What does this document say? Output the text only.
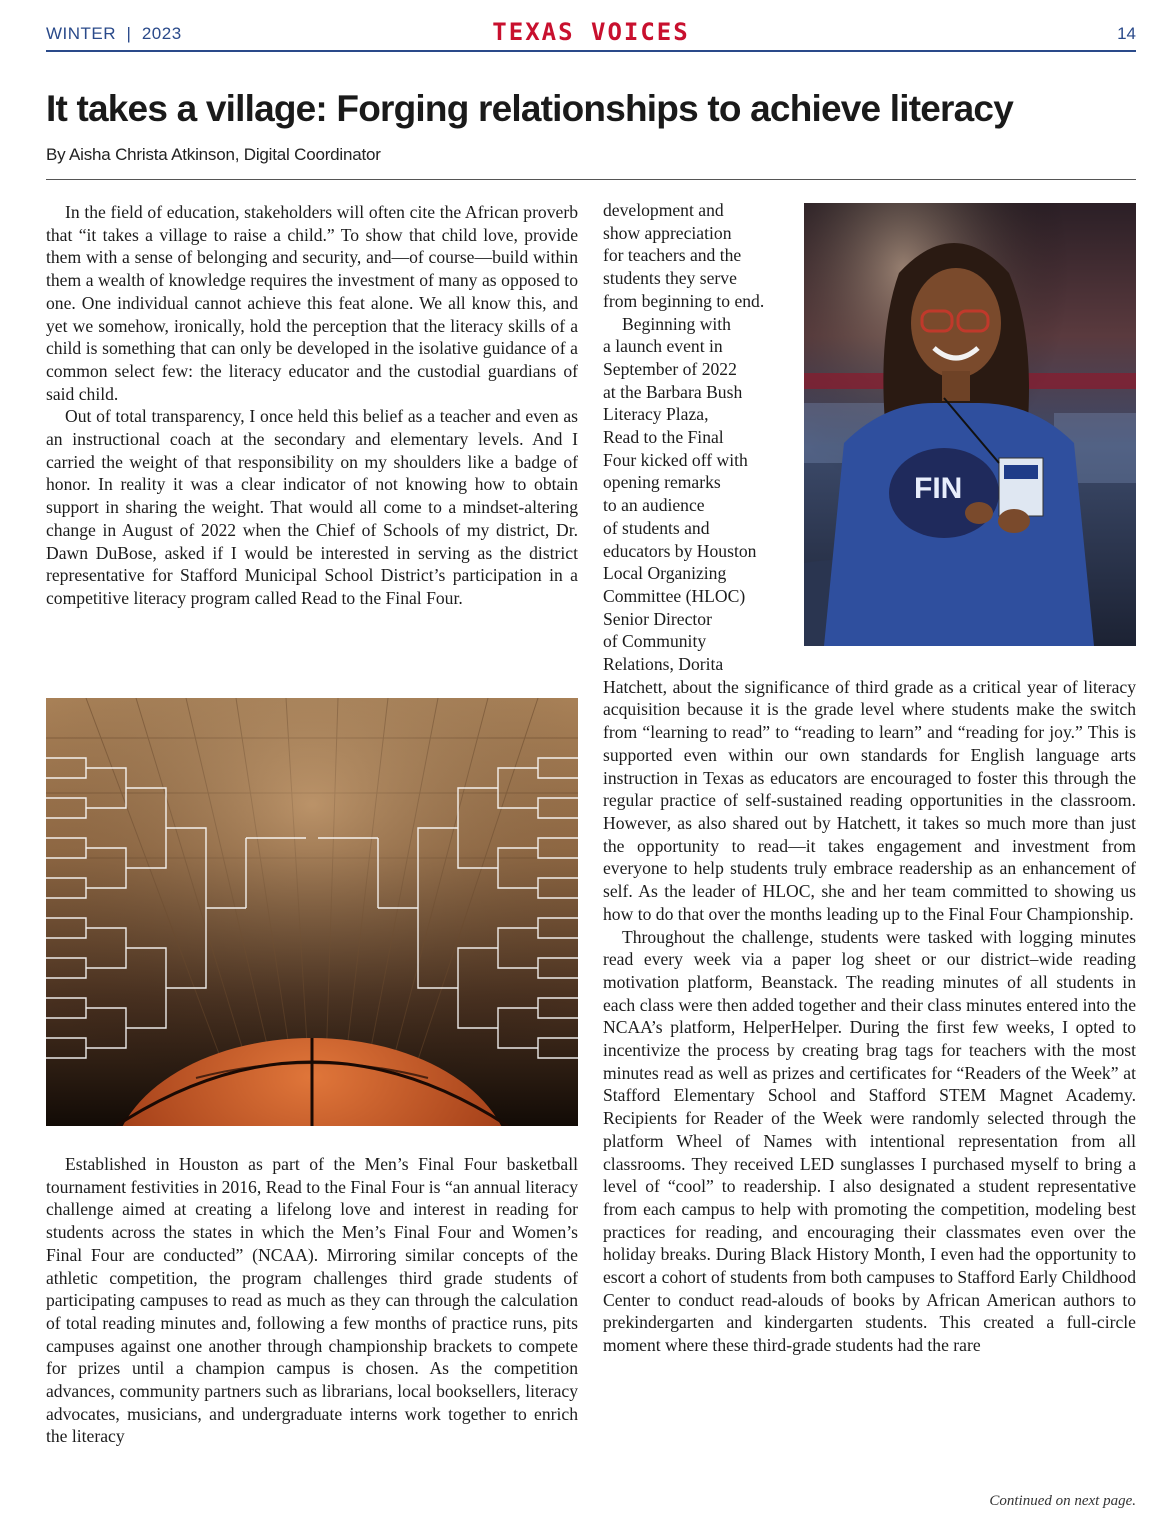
WINTER  |  2023	TEXAS VOICES	14
It takes a village: Forging relationships to achieve literacy
By Aisha Christa Atkinson, Digital Coordinator

In the field of education, stakeholders will often cite the African proverb that “it takes a village to raise a child.” To show that child love, provide them with a sense of belonging and security, and—of course—build within them a wealth of knowledge requires the investment of many as opposed to one. One individual cannot achieve this feat alone. We all know this, and yet we somehow, ironically, hold the perception that the literacy skills of a child is something that can only be developed in the isolative guidance of a common select few: the literacy educator and the custodial guardians of said child.

Out of total transparency, I once held this belief as a teacher and even as an instructional coach at the secondary and elementary levels. And I carried the weight of that responsibility on my shoulders like a badge of honor. In reality it was a clear indicator of not knowing how to obtain support in sharing the weight. That would all come to a mindset-altering change in August of 2022 when the Chief of Schools of my district, Dr. Dawn DuBose, asked if I would be interested in serving as the district representative for Stafford Municipal School District’s participation in a competitive literacy program called Read to the Final Four.

Established in Houston as part of the Men’s Final Four basketball tournament festivities in 2016, Read to the Final Four is “an annual literacy challenge aimed at creating a lifelong love and interest in reading for students across the states in which the Men’s Final Four and Women’s Final Four are conducted” (NCAA). Mirroring similar concepts of the athletic competition, the program challenges third grade students of participating campuses to read as much as they can through the calculation of total reading minutes and, following a few months of practice runs, pits campuses against one another through championship brackets to compete for prizes until a champion campus is chosen. As the competition advances, community partners such as librarians, local booksellers, literacy advocates, musicians, and undergraduate interns work together to enrich the literacy

FIN
development and
show appreciation
for teachers and the
students they serve
from beginning to end.
Beginning with
a launch event in
September of 2022
at the Barbara Bush
Literacy Plaza,
Read to the Final
Four kicked off with
opening remarks
to an audience
of students and
educators by Houston
Local Organizing
Committee (HLOC)
Senior Director
of Community
Relations, Dorita

Hatchett, about the significance of third grade as a critical year of literacy acquisition because it is the grade level where students make the switch from “learning to read” to “reading to learn” and “reading for joy.” This is supported even within our own standards for English language arts instruction in Texas as educators are encouraged to foster this through the regular practice of self-sustained reading opportunities in the classroom. However, as also shared out by Hatchett, it takes so much more than just the opportunity to read—it takes engagement and investment from everyone to help students truly embrace readership as an enhancement of self. As the leader of HLOC, she and her team committed to showing us how to do that over the months leading up to the Final Four Championship.

Throughout the challenge, students were tasked with logging minutes read every week via a paper log sheet or our district–wide reading motivation platform, Beanstack. The reading minutes of all students in each class were then added together and their class minutes entered into the NCAA’s platform, HelperHelper. During the first few weeks, I opted to incentivize the process by creating brag tags for teachers with the most minutes read as well as prizes and certificates for “Readers of the Week” at Stafford Elementary School and Stafford STEM Magnet Academy. Recipients for Reader of the Week were randomly selected through the platform Wheel of Names with intentional representation from all classrooms. They received LED sunglasses I purchased myself to bring a level of “cool” to readership. I also designated a student representative from each campus to help with promoting the competition, modeling best practices for reading, and encouraging their classmates even over the holiday breaks. During Black History Month, I even had the opportunity to escort a cohort of students from both campuses to Stafford Early Childhood Center to conduct read-alouds of books by African American authors to prekindergarten and kindergarten students. This created a full-circle moment where these third-grade students had the rare

Continued on next page.
